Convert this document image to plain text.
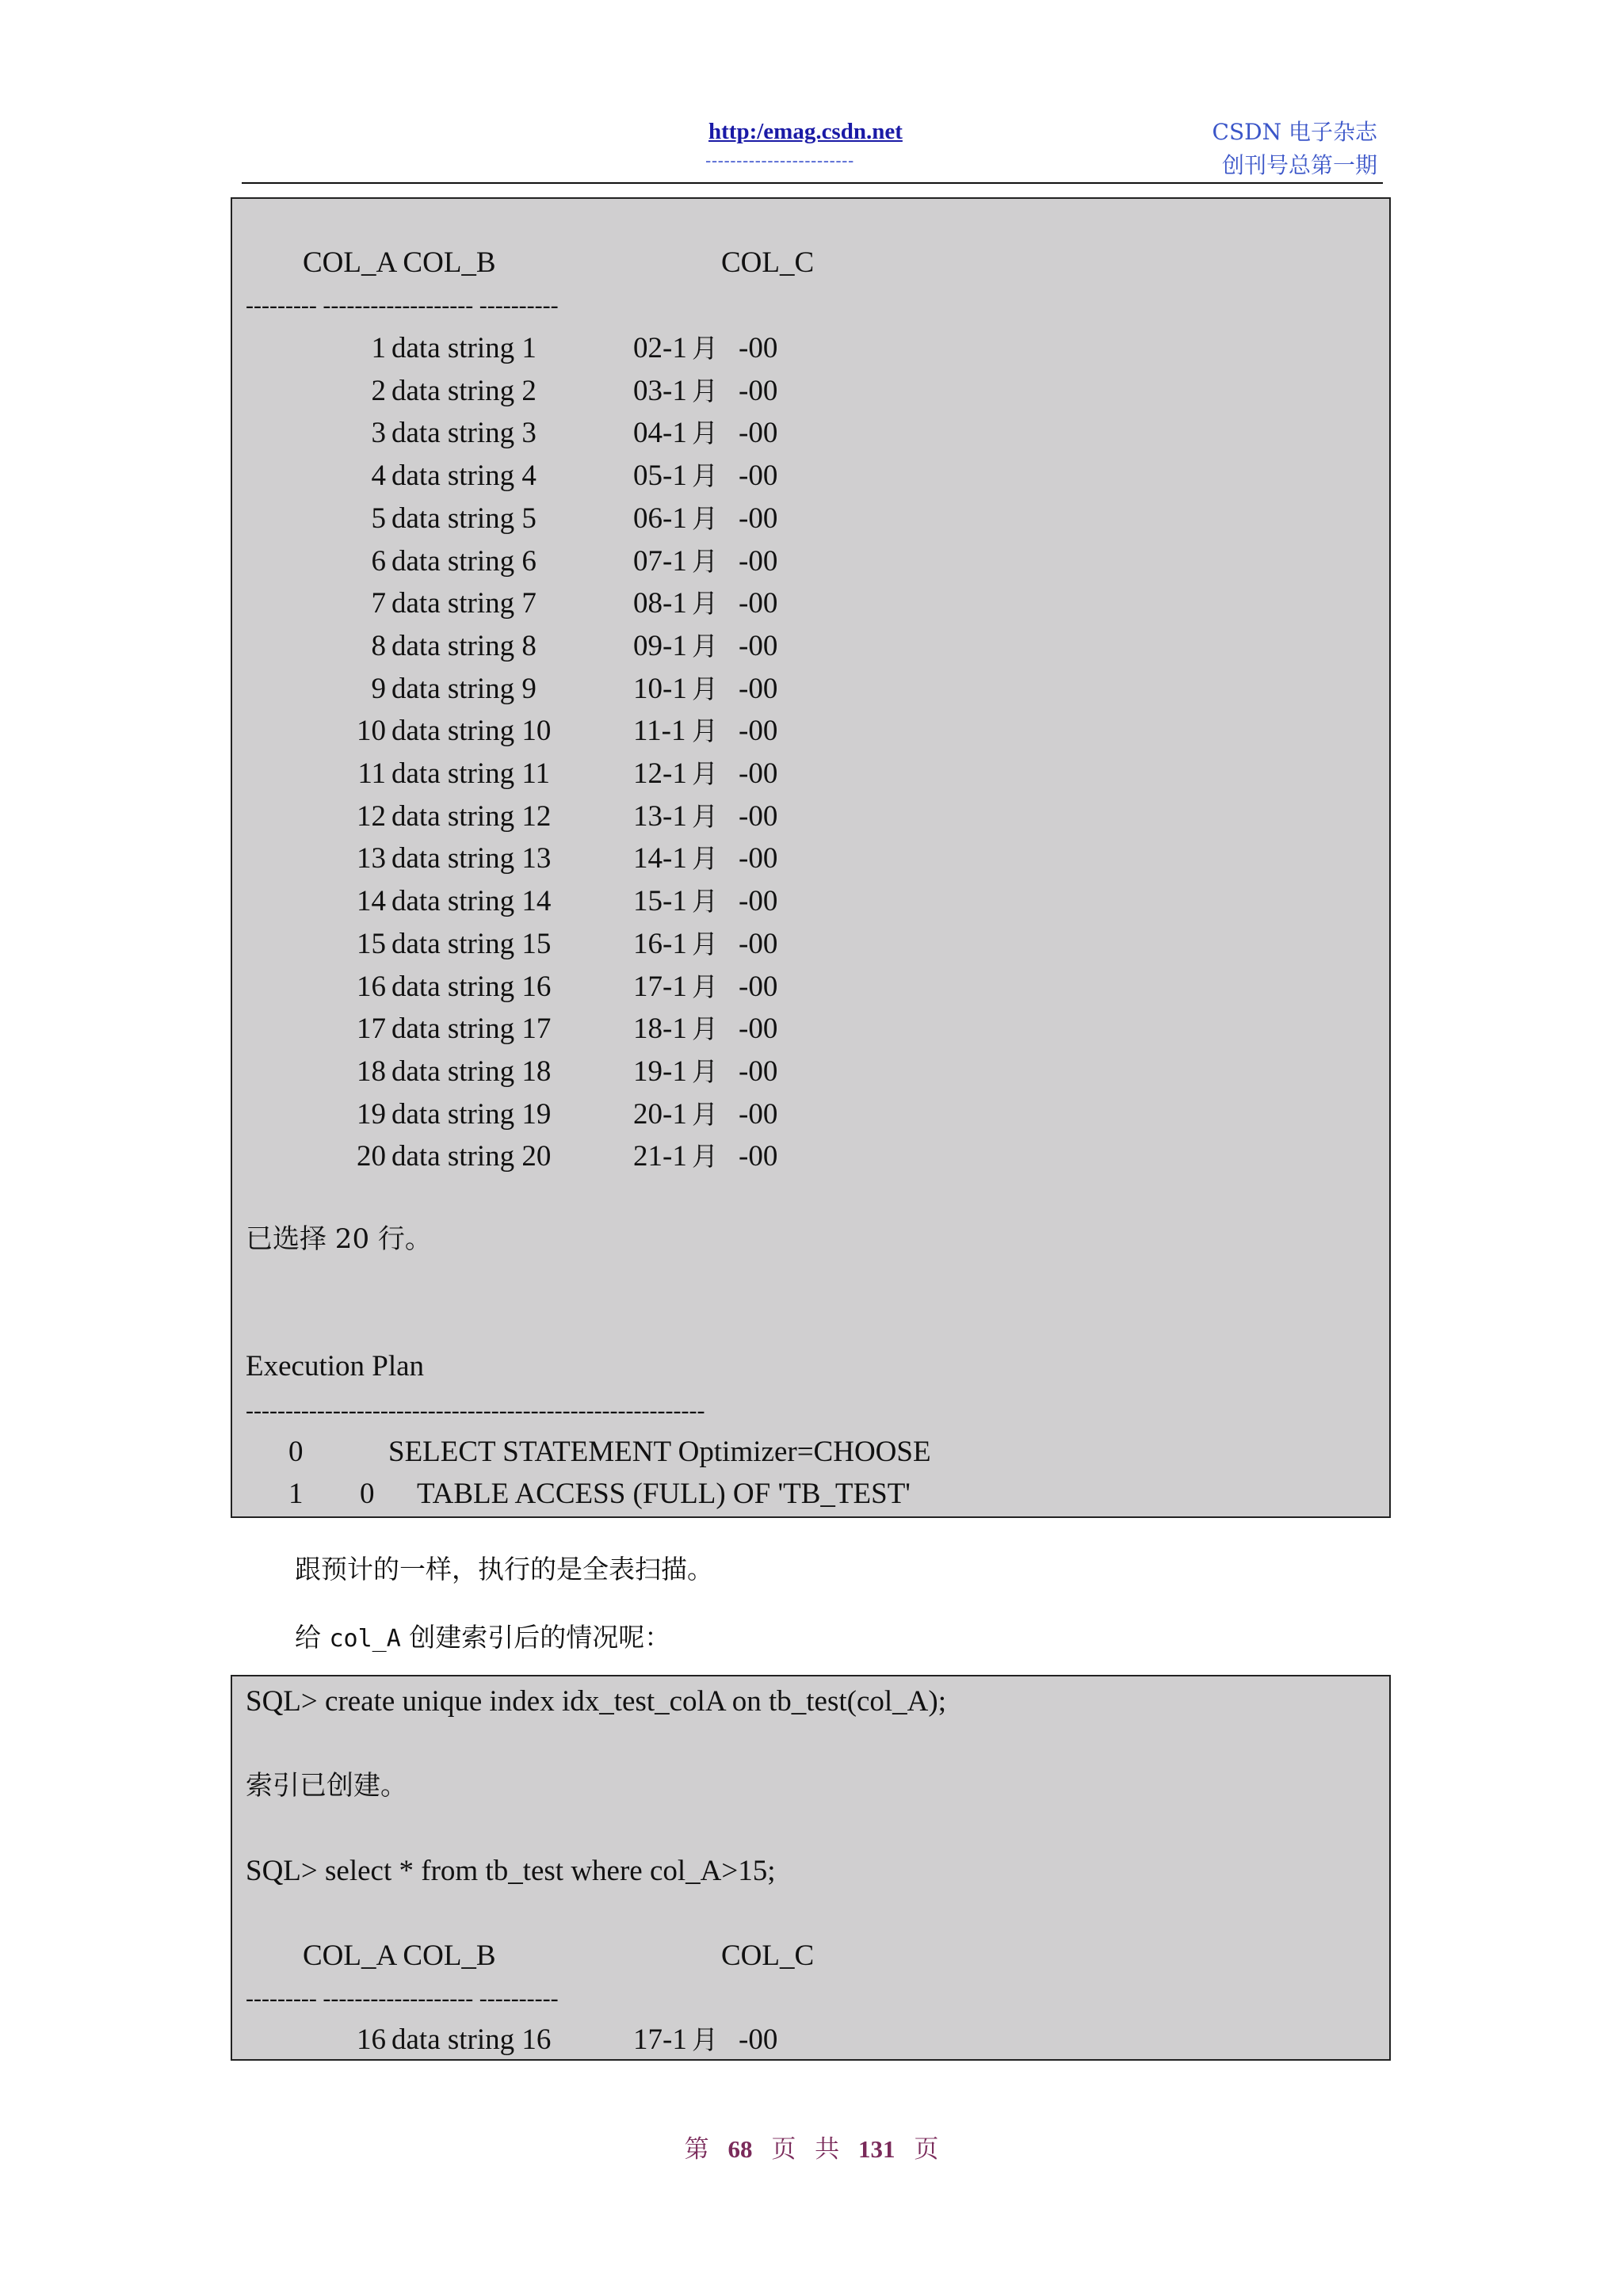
http:/emag.csdn.net
------------------------
CSDN 电子杂志
创刊号总第一期
COL_A COL_B	COL_C
--------- ------------------- ----------
1 data string 1	02-1 月 -00
2 data string 2	03-1 月 -00
3 data string 3	04-1 月 -00
4 data string 4	05-1 月 -00
5 data string 5	06-1 月 -00
6 data string 6	07-1 月 -00
7 data string 7	08-1 月 -00
8 data string 8	09-1 月 -00
9 data string 9	10-1 月 -00
10 data string 10	11-1 月 -00
11 data string 11	12-1 月 -00
12 data string 12	13-1 月 -00
13 data string 13	14-1 月 -00
14 data string 14	15-1 月 -00
15 data string 15	16-1 月 -00
16 data string 16	17-1 月 -00
17 data string 17	18-1 月 -00
18 data string 18	19-1 月 -00
19 data string 19	20-1 月 -00
20 data string 20	21-1 月 -00
已选择 20 行。
Execution Plan
----------------------------------------------------------
0	SELECT STATEMENT Optimizer=CHOOSE
1 0 TABLE ACCESS (FULL) OF 'TB_TEST'
跟预计的一样，执行的是全表扫描。
给 col_A 创建索引后的情况呢：
SQL> create unique index idx_test_colA on tb_test(col_A);
索引已创建。
SQL> select * from tb_test where col_A>15;
COL_A COL_B	COL_C
--------- ------------------- ----------
16 data string 16	17-1 月 -00
第 68 页 共 131 页
